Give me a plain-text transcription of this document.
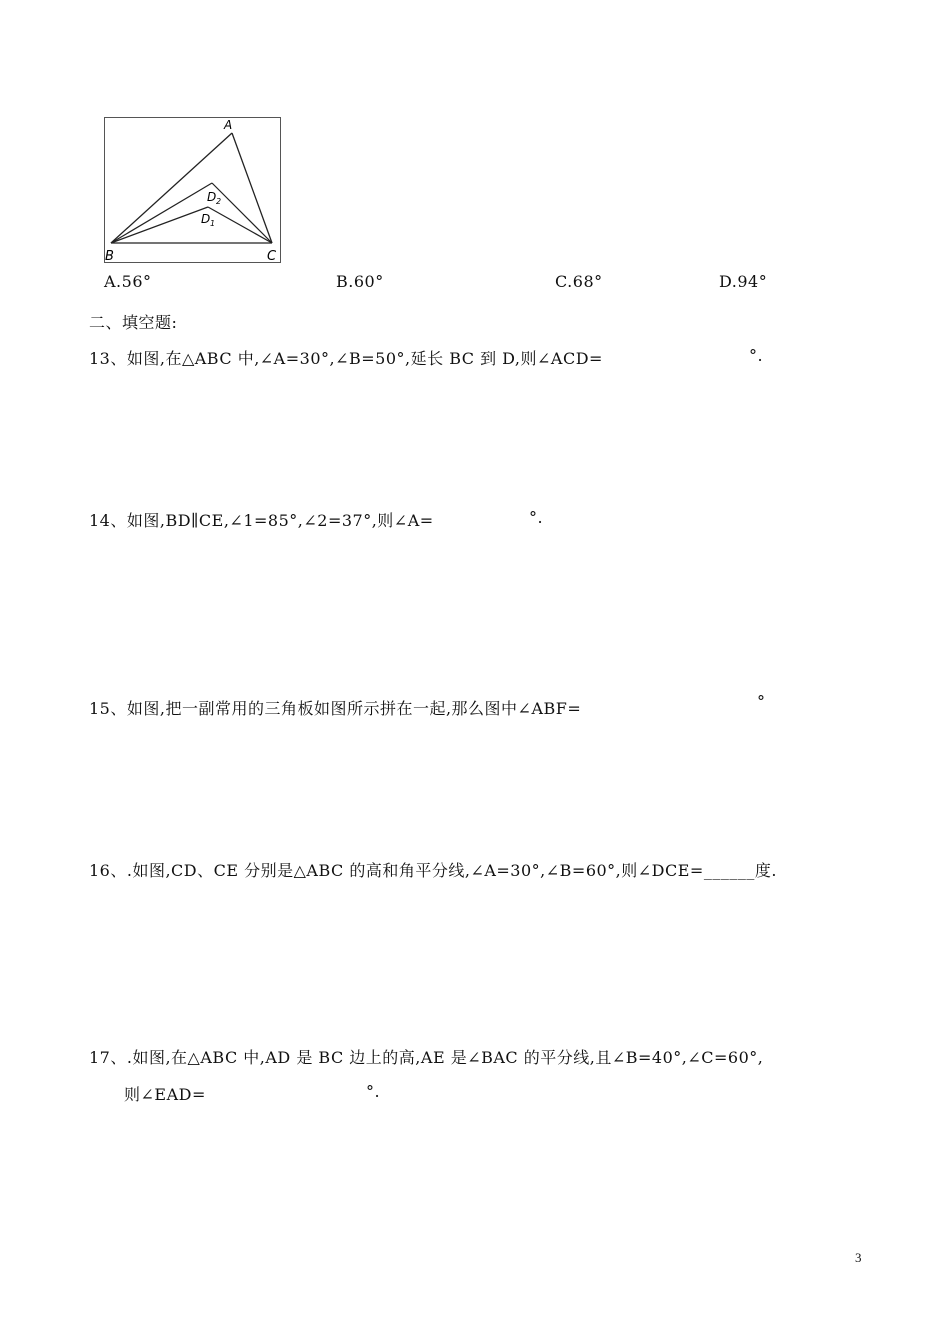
A
B	C
D 2
D 1
A.56°	B.60°	C.68°	D.94°
二、填空题:
13、如图,在△ABC 中,∠A=30°,∠B=50°,延长 BC 到 D,则∠ACD=	°.
14、如图,BD∥CE,∠1=85°,∠2=37°,则∠A=	°.
15、如图,把一副常用的三角板如图所示拼在一起,那么图中∠ABF=	°
16、.如图,CD、CE 分别是△ABC 的高和角平分线,∠A=30°,∠B=60°,则∠DCE=______度.
17、.如图,在△ABC 中,AD 是 BC 边上的高,AE 是∠BAC 的平分线,且∠B=40°,∠C=60°,
则∠EAD=	°.
3
